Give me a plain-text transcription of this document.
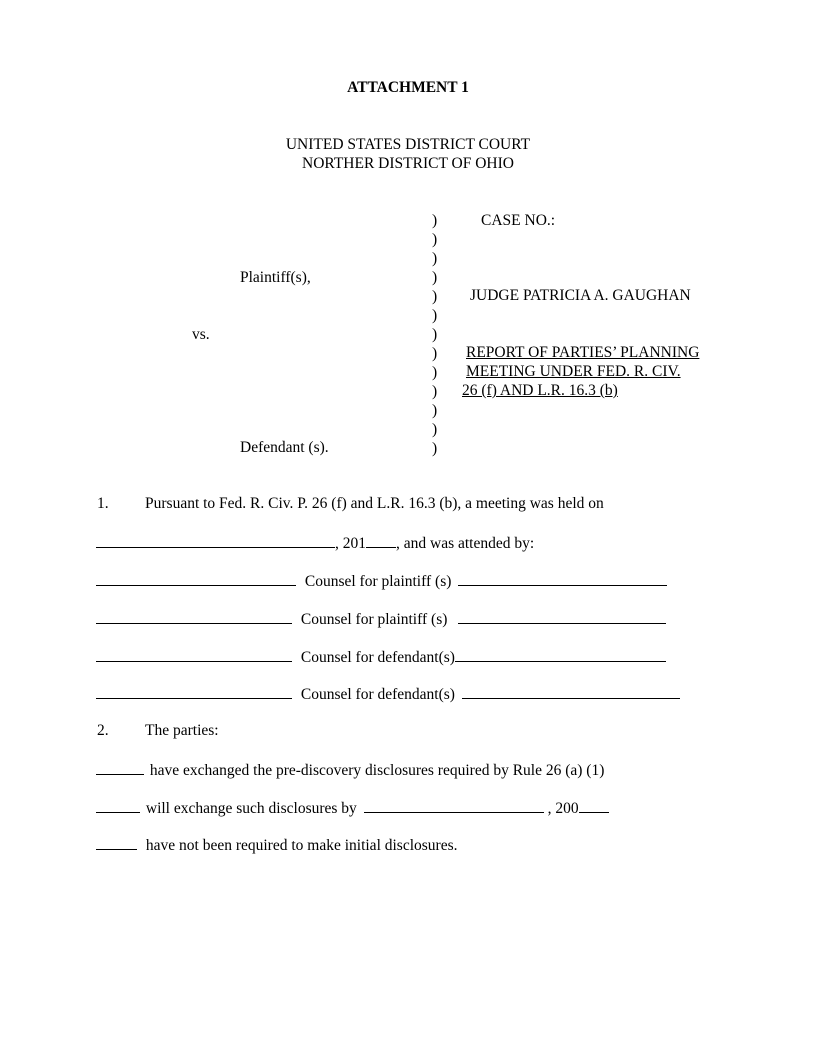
ATTACHMENT 1
UNITED STATES DISTRICT COURT
NORTHER DISTRICT OF OHIO
Plaintiff(s),
vs.
Defendant (s).
)
)
)
)
)
)
)
)
)
)
)
)
)
CASE NO.:
JUDGE PATRICIA A. GAUGHAN
REPORT OF PARTIES’ PLANNING
MEETING UNDER FED. R. CIV.
26 (f) AND L.R. 16.3 (b)
1. Pursuant to Fed. R. Civ. P. 26 (f) and L.R. 16.3 (b), a meeting was held on
, 201 , and was attended by:
Counsel for plaintiff (s)
Counsel for plaintiff (s)
Counsel for defendant(s)
Counsel for defendant(s)
2. The parties:
have exchanged the pre-discovery disclosures required by Rule 26 (a) (1)
will exchange such disclosures by	, 200
have not been required to make initial disclosures.
